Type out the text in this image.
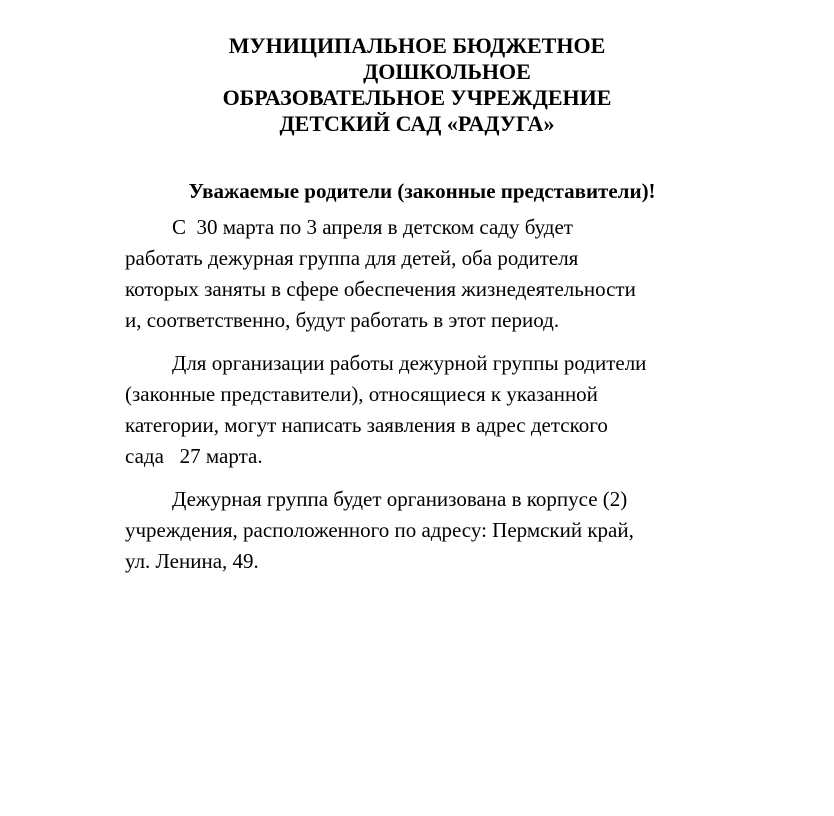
МУНИЦИПАЛЬНОЕ БЮДЖЕТНОЕ
ДОШКОЛЬНОЕ
ОБРАЗОВАТЕЛЬНОЕ УЧРЕЖДЕНИЕ
ДЕТСКИЙ САД «РАДУГА»
Уважаемые родители (законные представители)!
С  30 марта по 3 апреля в детском саду будет
работать дежурная группа для детей, оба родителя
которых заняты в сфере обеспечения жизнедеятельности
и, соответственно, будут работать в этот период.
Для организации работы дежурной группы родители
(законные представители), относящиеся к указанной
категории, могут написать заявления в адрес детского
сада   27 марта.
Дежурная группа будет организована в корпусе (2)
учреждения, расположенного по адресу: Пермский край,
ул. Ленина, 49.
